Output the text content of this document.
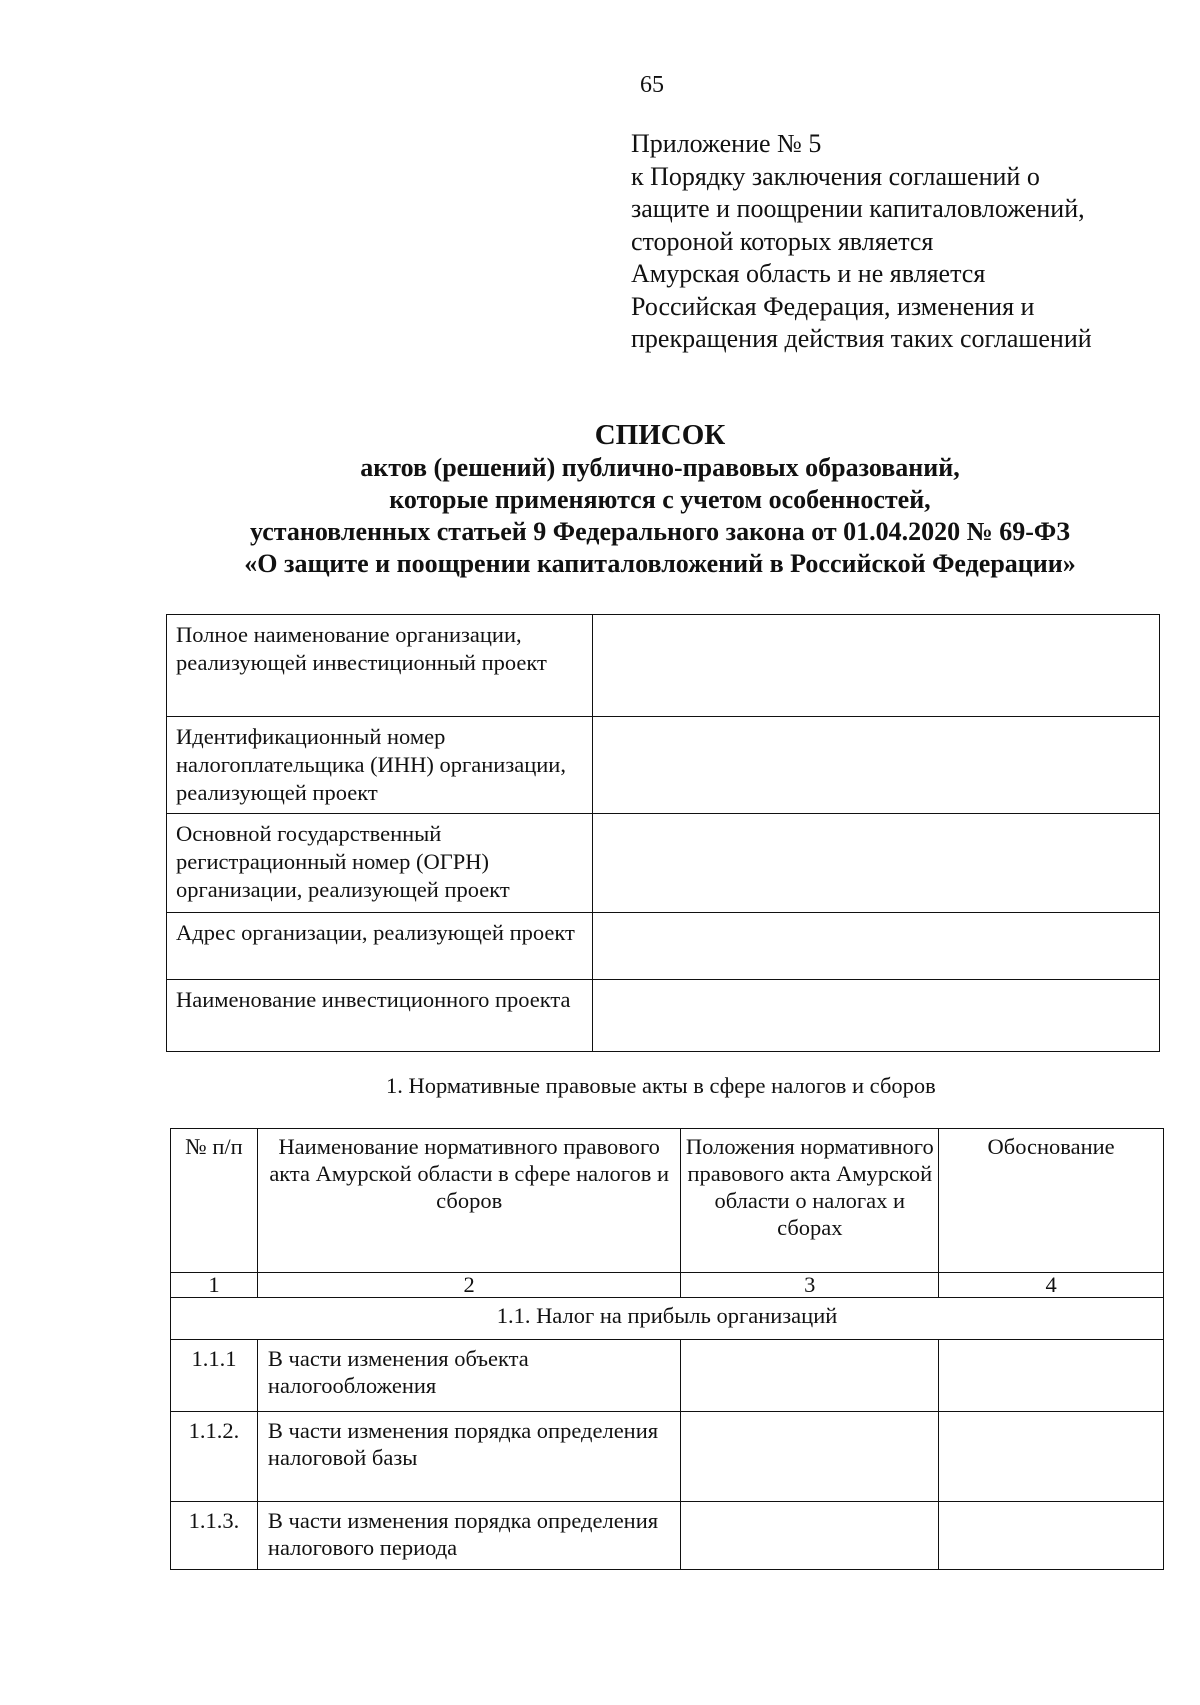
65
Приложение № 5
к Порядку заключения соглашений о
защите и поощрении капиталовложений,
стороной которых является
Амурская область и не является
Российская Федерация, изменения и
прекращения действия таких соглашений
СПИСОК
актов (решений) публично-правовых образований,
которые применяются с учетом особенностей,
установленных статьей 9 Федерального закона от 01.04.2020 № 69-ФЗ
«О защите и поощрении капиталовложений в Российской Федерации»
Полное наименование организации, реализующей инвестиционный проект	
Идентификационный номер налогоплательщика (ИНН) организации, реализующей проект	
Основной государственный регистрационный номер (ОГРН) организации, реализующей проект	
Адрес организации, реализующей проект	
Наименование инвестиционного проекта	
1. Нормативные правовые акты в сфере налогов и сборов
№ п/п	Наименование нормативного правового акта Амурской области в сфере налогов и сборов	Положения нормативного правового акта Амурской области о налогах и сборах	Обоснование
1	2	3	4
1.1. Налог на прибыль организаций			
1.1.1	В части изменения объекта налогообложения		
1.1.2.	В части изменения порядка определения налоговой базы		
1.1.3.	В части изменения порядка определения налогового периода		
